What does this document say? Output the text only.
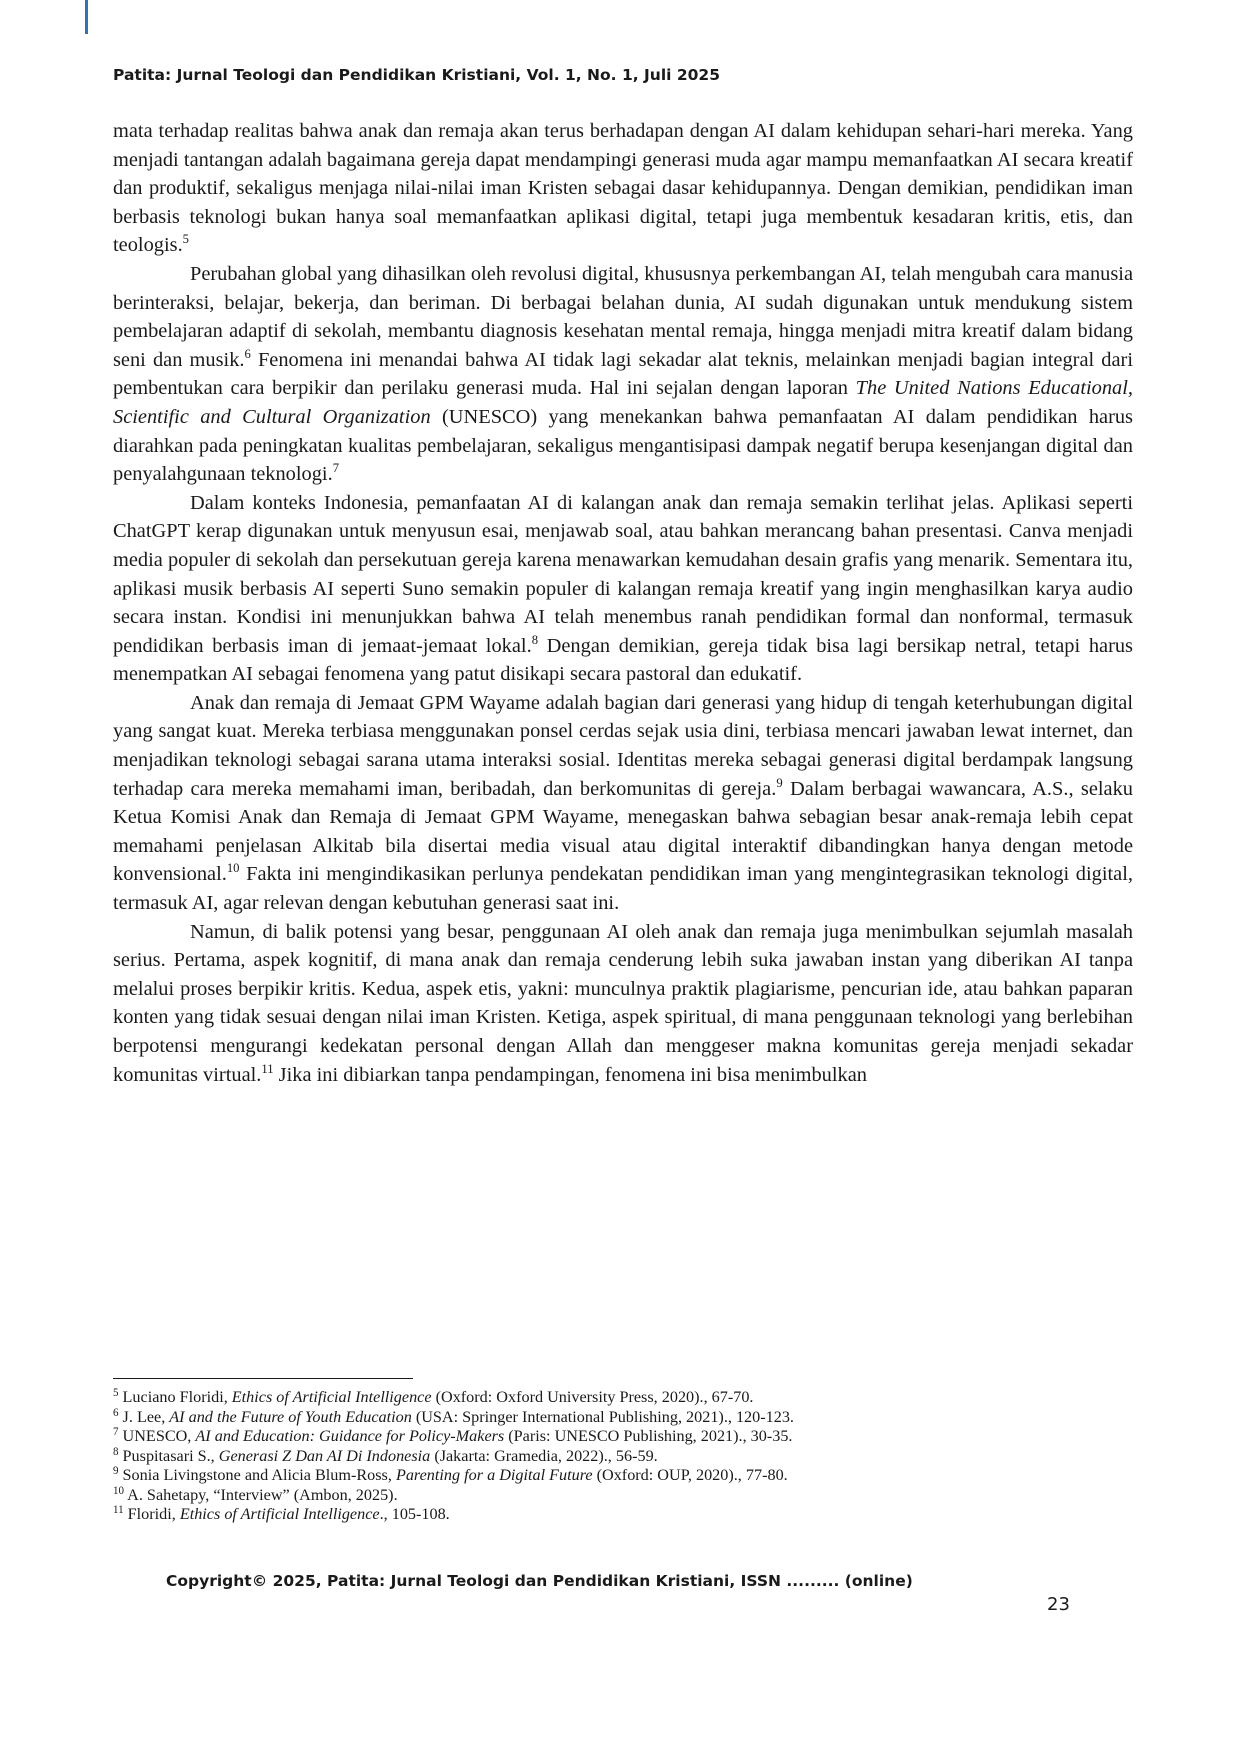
Patita: Jurnal Teologi dan Pendidikan Kristiani, Vol. 1, No. 1, Juli 2025

mata terhadap realitas bahwa anak dan remaja akan terus berhadapan dengan AI dalam kehidupan sehari-hari mereka. Yang menjadi tantangan adalah bagaimana gereja dapat mendampingi generasi muda agar mampu memanfaatkan AI secara kreatif dan produktif, sekaligus menjaga nilai-nilai iman Kristen sebagai dasar kehidupannya. Dengan demikian, pendidikan iman berbasis teknologi bukan hanya soal memanfaatkan aplikasi digital, tetapi juga membentuk kesadaran kritis, etis, dan teologis.$^5$

Perubahan global yang dihasilkan oleh revolusi digital, khususnya perkembangan AI, telah mengubah cara manusia berinteraksi, belajar, bekerja, dan beriman. Di berbagai belahan dunia, AI sudah digunakan untuk mendukung sistem pembelajaran adaptif di sekolah, membantu diagnosis kesehatan mental remaja, hingga menjadi mitra kreatif dalam bidang seni dan musik.$^6$ Fenomena ini menandai bahwa AI tidak lagi sekadar alat teknis, melainkan menjadi bagian integral dari pembentukan cara berpikir dan perilaku generasi muda. Hal ini sejalan dengan laporan The United Nations Educational, Scientific and Cultural Organization (UNESCO) yang menekankan bahwa pemanfaatan AI dalam pendidikan harus diarahkan pada peningkatan kualitas pembelajaran, sekaligus mengantisipasi dampak negatif berupa kesenjangan digital dan penyalahgunaan teknologi.$^7$

Dalam konteks Indonesia, pemanfaatan AI di kalangan anak dan remaja semakin terlihat jelas. Aplikasi seperti ChatGPT kerap digunakan untuk menyusun esai, menjawab soal, atau bahkan merancang bahan presentasi. Canva menjadi media populer di sekolah dan persekutuan gereja karena menawarkan kemudahan desain grafis yang menarik. Sementara itu, aplikasi musik berbasis AI seperti Suno semakin populer di kalangan remaja kreatif yang ingin menghasilkan karya audio secara instan. Kondisi ini menunjukkan bahwa AI telah menembus ranah pendidikan formal dan nonformal, termasuk pendidikan berbasis iman di jemaat-jemaat lokal.$^8$ Dengan demikian, gereja tidak bisa lagi bersikap netral, tetapi harus menempatkan AI sebagai fenomena yang patut disikapi secara pastoral dan edukatif.

Anak dan remaja di Jemaat GPM Wayame adalah bagian dari generasi yang hidup di tengah keterhubungan digital yang sangat kuat. Mereka terbiasa menggunakan ponsel cerdas sejak usia dini, terbiasa mencari jawaban lewat internet, dan menjadikan teknologi sebagai sarana utama interaksi sosial. Identitas mereka sebagai generasi digital berdampak langsung terhadap cara mereka memahami iman, beribadah, dan berkomunitas di gereja.$^9$ Dalam berbagai wawancara, A.S., selaku Ketua Komisi Anak dan Remaja di Jemaat GPM Wayame, menegaskan bahwa sebagian besar anak-remaja lebih cepat memahami penjelasan Alkitab bila disertai media visual atau digital interaktif dibandingkan hanya dengan metode konvensional.$^{10}$ Fakta ini mengindikasikan perlunya pendekatan pendidikan iman yang mengintegrasikan teknologi digital, termasuk AI, agar relevan dengan kebutuhan generasi saat ini.

Namun, di balik potensi yang besar, penggunaan AI oleh anak dan remaja juga menimbulkan sejumlah masalah serius. Pertama, aspek kognitif, di mana anak dan remaja cenderung lebih suka jawaban instan yang diberikan AI tanpa melalui proses berpikir kritis. Kedua, aspek etis, yakni: munculnya praktik plagiarisme, pencurian ide, atau bahkan paparan konten yang tidak sesuai dengan nilai iman Kristen. Ketiga, aspek spiritual, di mana penggunaan teknologi yang berlebihan berpotensi mengurangi kedekatan personal dengan Allah dan menggeser makna komunitas gereja menjadi sekadar komunitas virtual.$^{11}$ Jika ini dibiarkan tanpa pendampingan, fenomena ini bisa menimbulkan

$^5$ Luciano Floridi, Ethics of Artificial Intelligence (Oxford: Oxford University Press, 2020)., 67-70.

$^6$ J. Lee, AI and the Future of Youth Education (USA: Springer International Publishing, 2021)., 120-123.

$^7$ UNESCO, AI and Education: Guidance for Policy-Makers (Paris: UNESCO Publishing, 2021)., 30-35.

$^8$ Puspitasari S., Generasi Z Dan AI Di Indonesia (Jakarta: Gramedia, 2022)., 56-59.

$^9$ Sonia Livingstone and Alicia Blum-Ross, Parenting for a Digital Future (Oxford: OUP, 2020)., 77-80.

$^{10}$ A. Sahetapy, “Interview” (Ambon, 2025).

$^{11}$ Floridi, Ethics of Artificial Intelligence., 105-108.

Copyright© 2025, Patita: Jurnal Teologi dan Pendidikan Kristiani, ISSN ......... (online)
23
